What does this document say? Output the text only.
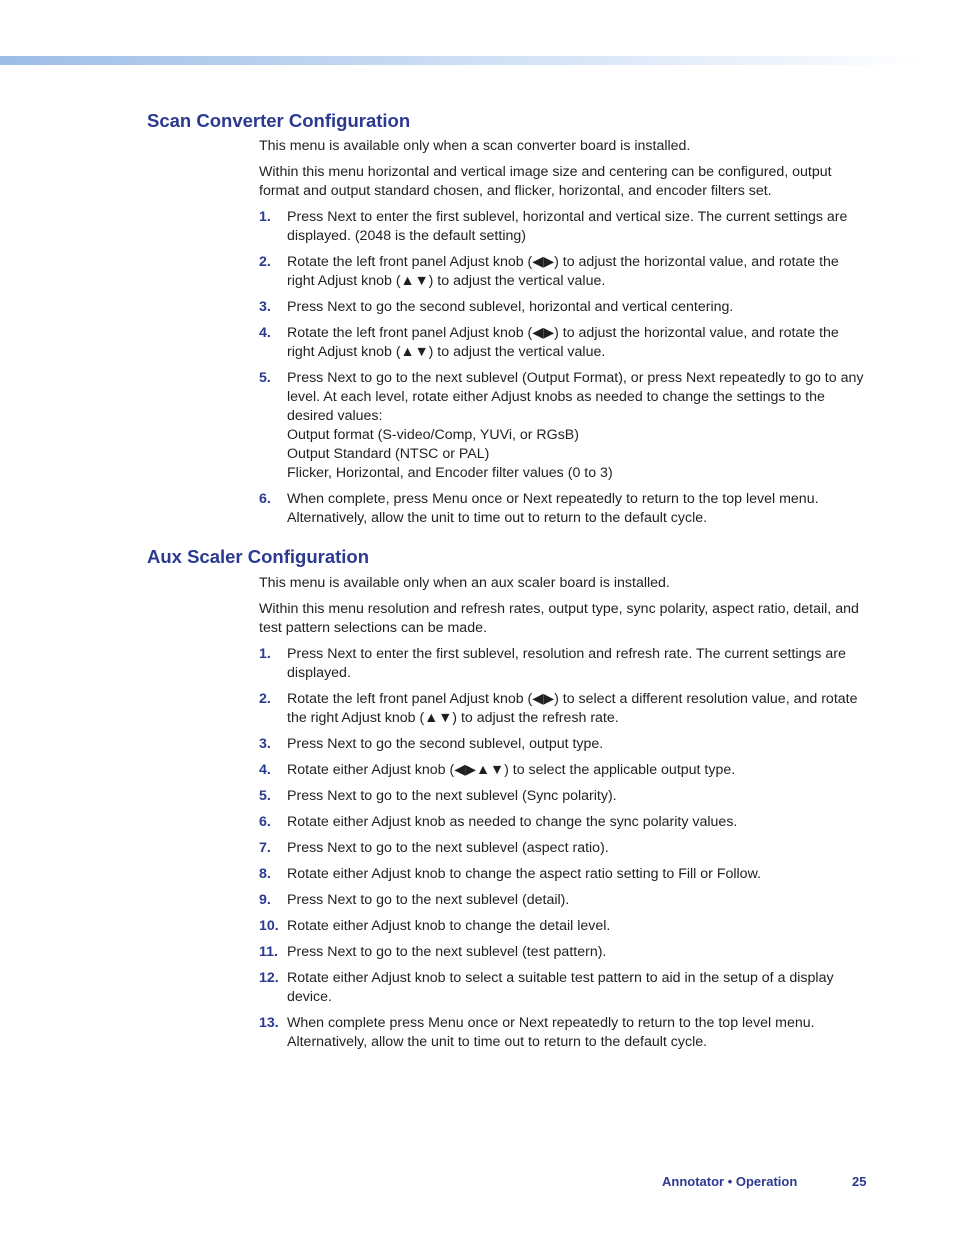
Scan Converter Configuration

This menu is available only when a scan converter board is installed.

Within this menu horizontal and vertical image size and centering can be configured, output format and output standard chosen, and flicker, horizontal, and encoder filters set.

1.	Press Next to enter the first sublevel, horizontal and vertical size. The current settings are displayed. (2048 is the default setting)
2.	Rotate the left front panel Adjust knob (◀▶) to adjust the horizontal value, and rotate the right Adjust knob (▲▼) to adjust the vertical value.
3.	Press Next to go the second sublevel, horizontal and vertical centering.
4.	Rotate the left front panel Adjust knob (◀▶) to adjust the horizontal value, and rotate the right Adjust knob (▲▼) to adjust the vertical value.
5.	Press Next to go to the next sublevel (Output Format), or press Next repeatedly to go to any level. At each level, rotate either Adjust knobs as needed to change the settings to the desired values:
Output format (S-video/Comp, YUVi, or RGsB)
Output Standard (NTSC or PAL)
Flicker, Horizontal, and Encoder filter values (0 to 3)
6.	When complete, press Menu once or Next repeatedly to return to the top level menu. Alternatively, allow the unit to time out to return to the default cycle.
Aux Scaler Configuration

This menu is available only when an aux scaler board is installed.

Within this menu resolution and refresh rates, output type, sync polarity, aspect ratio, detail, and test pattern selections can be made.

1.	Press Next to enter the first sublevel, resolution and refresh rate. The current settings are displayed.
2.	Rotate the left front panel Adjust knob (◀▶) to select a different resolution value, and rotate the right Adjust knob (▲▼) to adjust the refresh rate.
3.	Press Next to go the second sublevel, output type.
4.	Rotate either Adjust knob (◀▶▲▼) to select the applicable output type.
5.	Press Next to go to the next sublevel (Sync polarity).
6.	Rotate either Adjust knob as needed to change the sync polarity values.
7.	Press Next to go to the next sublevel (aspect ratio).
8.	Rotate either Adjust knob to change the aspect ratio setting to Fill or Follow.
9.	Press Next to go to the next sublevel (detail).
10. Rotate either Adjust knob to change the detail level.
11. Press Next to go to the next sublevel (test pattern).
12. Rotate either Adjust knob to select a suitable test pattern to aid in the setup of a display device.
13. When complete press Menu once or Next repeatedly to return to the top level menu. Alternatively, allow the unit to time out to return to the default cycle.
Annotator • Operation	25
